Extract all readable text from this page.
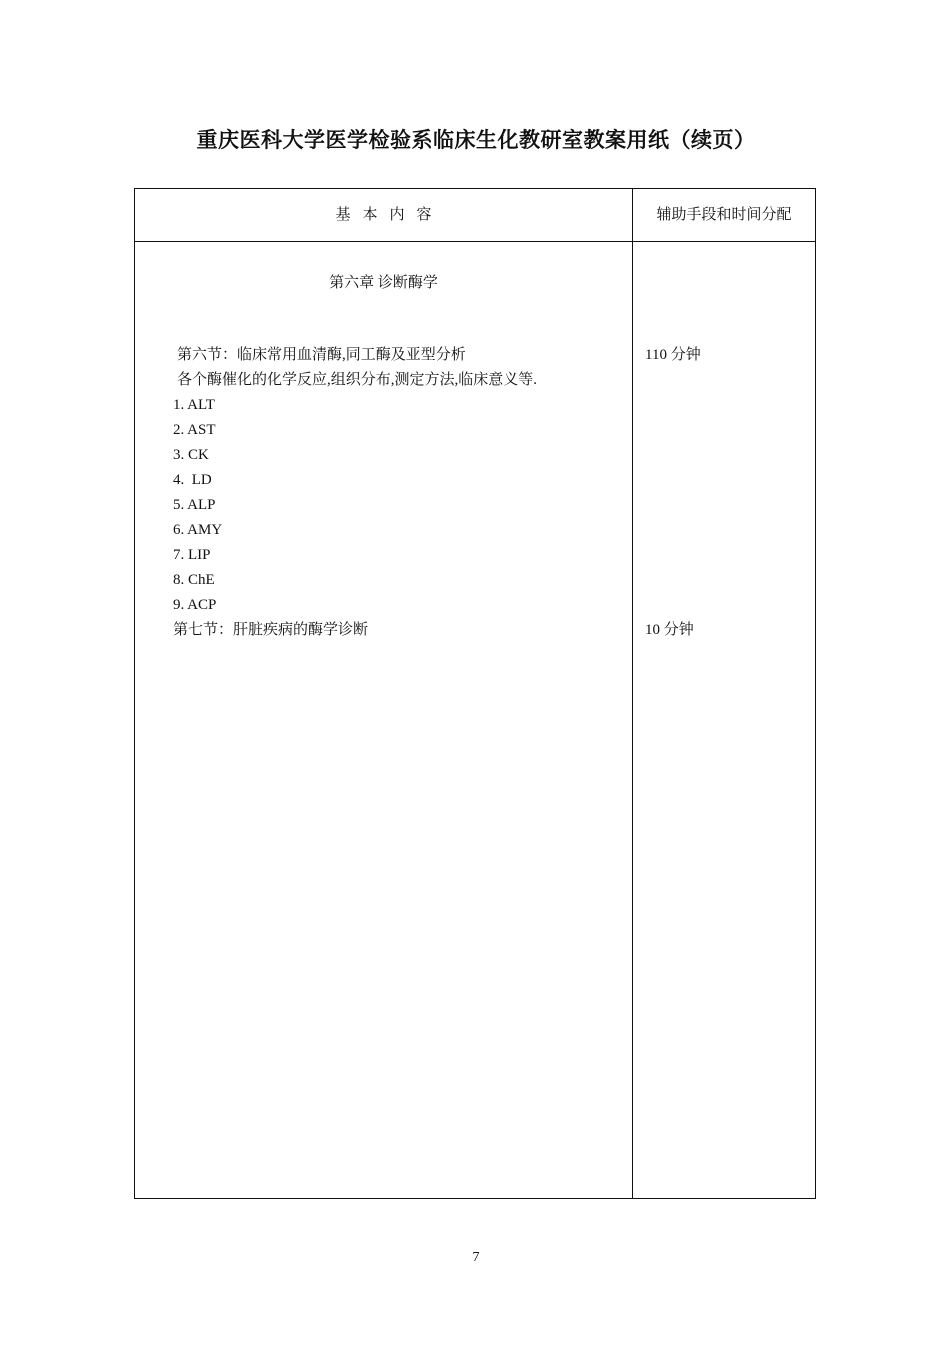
重庆医科大学医学检验系临床生化教研室教案用纸（续页）
基本内容	辅助手段和时间分配
第六章 诊断酶学
第六节：临床常用血清酶,同工酶及亚型分析
各个酶催化的化学反应,组织分布,测定方法,临床意义等.
1. ALT
2. AST
3. CK
4.  LD
5. ALP
6. AMY
7. LIP
8. ChE
9. ACP
第七节：肝脏疾病的酶学诊断
110 分钟
10 分钟
7
